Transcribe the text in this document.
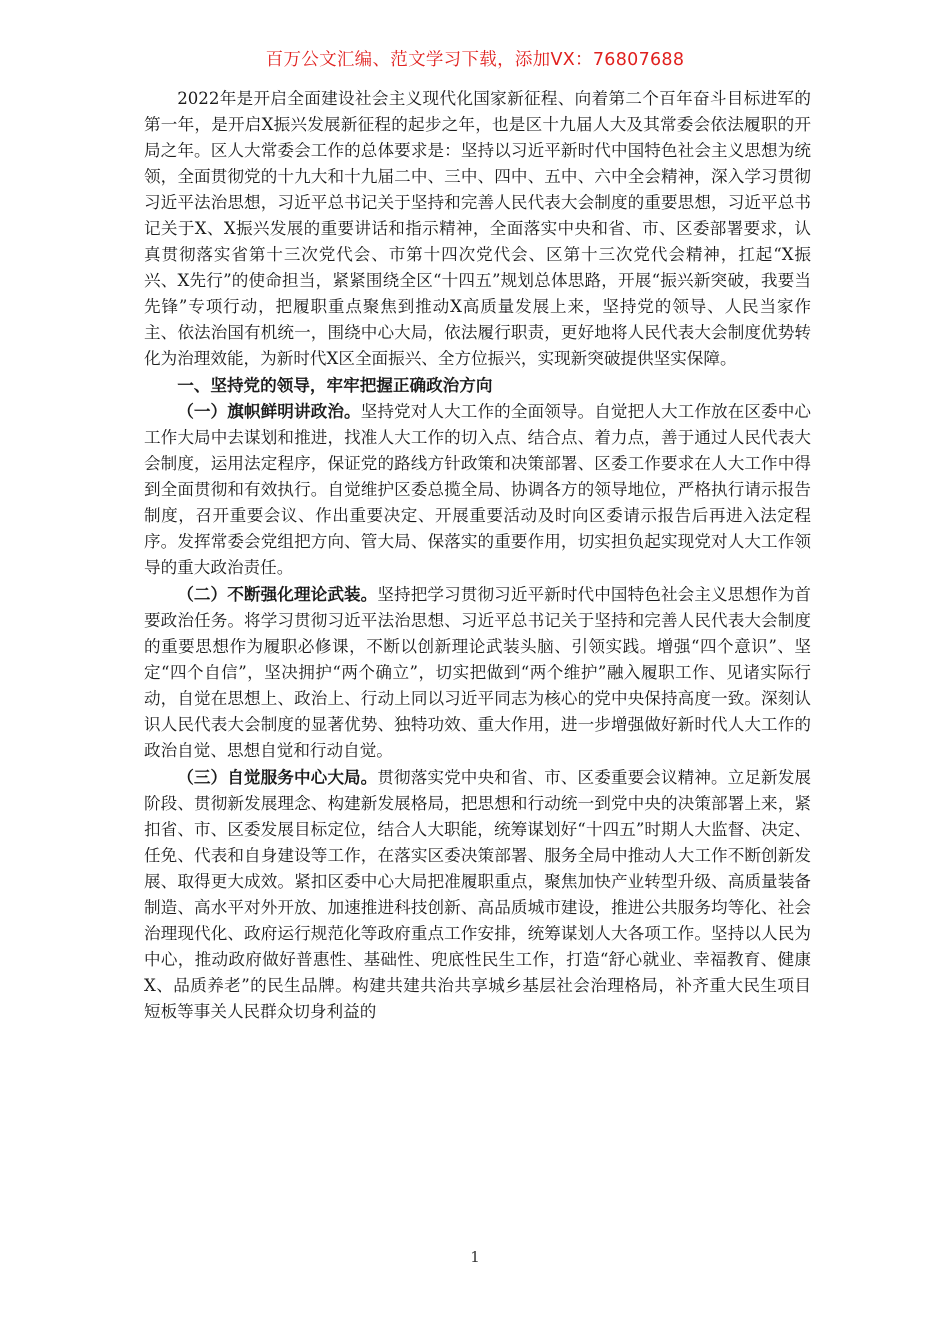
百万公文汇编、范文学习下载，添加VX：76807688

2022年是开启全面建设社会主义现代化国家新征程、向着第二个百年奋斗目标进军的第一年，是开启X振兴发展新征程的起步之年，也是区十九届人大及其常委会依法履职的开局之年。区人大常委会工作的总体要求是：坚持以习近平新时代中国特色社会主义思想为统领，全面贯彻党的十九大和十九届二中、三中、四中、五中、六中全会精神，深入学习贯彻习近平法治思想，习近平总书记关于坚持和完善人民代表大会制度的重要思想，习近平总书记关于X、X振兴发展的重要讲话和指示精神，全面落实中央和省、市、区委部署要求，认真贯彻落实省第十三次党代会、市第十四次党代会、区第十三次党代会精神，扛起“X振兴、X先行”的使命担当，紧紧围绕全区“十四五”规划总体思路，开展“振兴新突破，我要当先锋”专项行动，把履职重点聚焦到推动X高质量发展上来，坚持党的领导、人民当家作主、依法治国有机统一，围绕中心大局，依法履行职责，更好地将人民代表大会制度优势转化为治理效能，为新时代X区全面振兴、全方位振兴，实现新突破提供坚实保障。

一、坚持党的领导，牢牢把握正确政治方向

（一）旗帜鲜明讲政治。坚持党对人大工作的全面领导。自觉把人大工作放在区委中心工作大局中去谋划和推进，找准人大工作的切入点、结合点、着力点，善于通过人民代表大会制度，运用法定程序，保证党的路线方针政策和决策部署、区委工作要求在人大工作中得到全面贯彻和有效执行。自觉维护区委总揽全局、协调各方的领导地位，严格执行请示报告制度，召开重要会议、作出重要决定、开展重要活动及时向区委请示报告后再进入法定程序。发挥常委会党组把方向、管大局、保落实的重要作用，切实担负起实现党对人大工作领导的重大政治责任。

（二）不断强化理论武装。坚持把学习贯彻习近平新时代中国特色社会主义思想作为首要政治任务。将学习贯彻习近平法治思想、习近平总书记关于坚持和完善人民代表大会制度的重要思想作为履职必修课，不断以创新理论武装头脑、引领实践。增强“四个意识”、坚定“四个自信”，坚决拥护“两个确立”，切实把做到“两个维护”融入履职工作、见诸实际行动，自觉在思想上、政治上、行动上同以习近平同志为核心的党中央保持高度一致。深刻认识人民代表大会制度的显著优势、独特功效、重大作用，进一步增强做好新时代人大工作的政治自觉、思想自觉和行动自觉。

（三）自觉服务中心大局。贯彻落实党中央和省、市、区委重要会议精神。立足新发展阶段、贯彻新发展理念、构建新发展格局，把思想和行动统一到党中央的决策部署上来，紧扣省、市、区委发展目标定位，结合人大职能，统筹谋划好“十四五”时期人大监督、决定、任免、代表和自身建设等工作，在落实区委决策部署、服务全局中推动人大工作不断创新发展、取得更大成效。紧扣区委中心大局把准履职重点，聚焦加快产业转型升级、高质量装备制造、高水平对外开放、加速推进科技创新、高品质城市建设，推进公共服务均等化、社会治理现代化、政府运行规范化等政府重点工作安排，统筹谋划人大各项工作。坚持以人民为中心，推动政府做好普惠性、基础性、兜底性民生工作，打造“舒心就业、幸福教育、健康X、品质养老”的民生品牌。构建共建共治共享城乡基层社会治理格局，补齐重大民生项目短板等事关人民群众切身利益的

1
